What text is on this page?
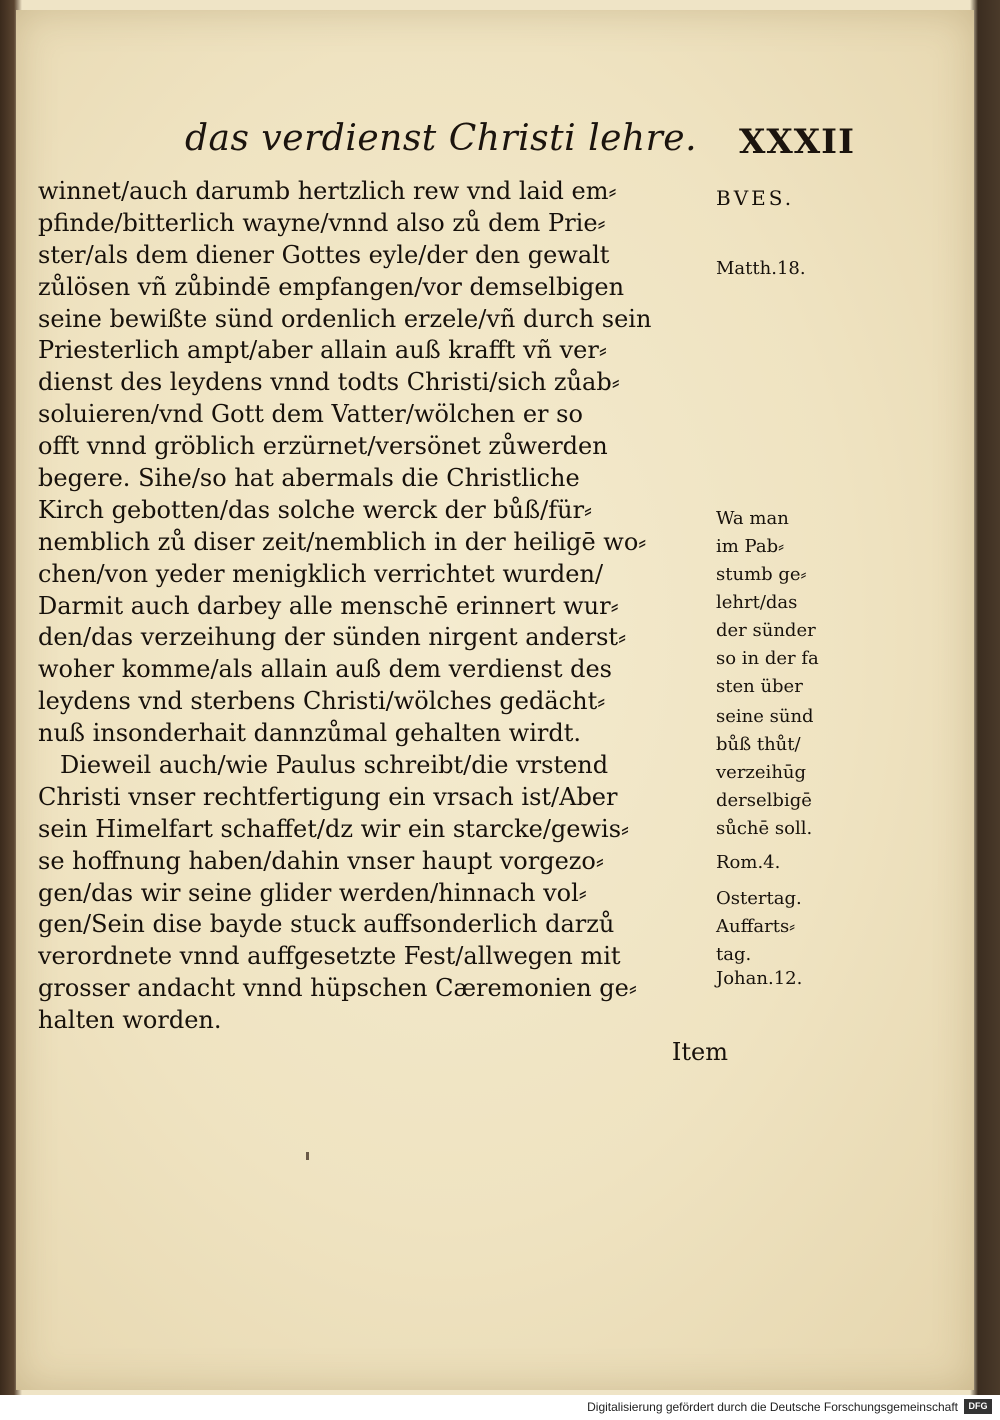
das verdienst Christi lehre. XXXII
winnet/auch darumb hertzlich rew vnd laid em⸗
pfinde/bitterlich wayne/vnnd also zů dem Prie⸗
ster/als dem diener Gottes eyle/der den gewalt
zůlösen vñ zůbindē empfangen/vor demselbigen
seine bewißte sünd ordenlich erzele/vñ durch sein
Priesterlich ampt/aber allain auß krafft vñ ver⸗
dienst des leydens vnnd todts Christi/sich zůab⸗
soluieren/vnd Gott dem Vatter/wölchen er so
offt vnnd gröblich erzürnet/versönet zůwerden
begere. Sihe/so hat abermals die Christliche
Kirch gebotten/das solche werck der bůß/für⸗
nemblich zů diser zeit/nemblich in der heiligē wo⸗
chen/von yeder menigklich verrichtet wurden/
Darmit auch darbey alle menschē erinnert wur⸗
den/das verzeihung der sünden nirgent anderst⸗
woher komme/als allain auß dem verdienst des
leydens vnd sterbens Christi/wölches gedächt⸗
nuß insonderhait dannzůmal gehalten wirdt.
Dieweil auch/wie Paulus schreibt/die vrstend
Christi vnser rechtfertigung ein vrsach ist/Aber
sein Himelfart schaffet/dz wir ein starcke/gewis⸗
se hoffnung haben/dahin vnser haupt vorgezo⸗
gen/das wir seine glider werden/hinnach vol⸗
gen/Sein dise bayde stuck auffsonderlich darzů
verordnete vnnd auffgesetzte Fest/allwegen mit
grosser andacht vnnd hüpschen Cæremonien ge⸗
halten worden.
Item
BVES.
Matth.18.
Wa man
im Pab⸗
stumb ge⸗
lehrt/das
der sünder
so in der fa
sten über
seine sünd
bůß thůt/
verzeihūg
derselbigē
sůchē soll.
Rom.4.
Ostertag.
Auffarts⸗
tag.
Johan.12.
Digitalisierung gefördert durch die Deutsche Forschungsgemeinschaft	DFG
